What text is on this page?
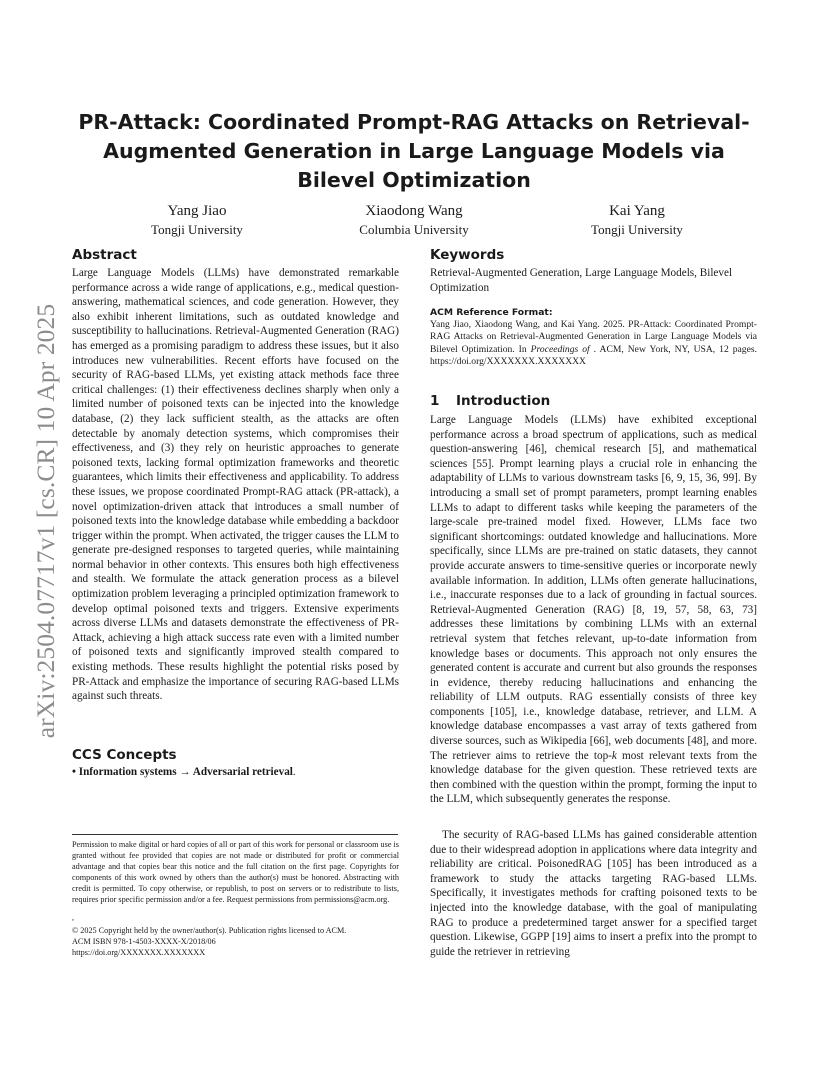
arXiv:2504.07717v1 [cs.CR] 10 Apr 2025
PR-Attack: Coordinated Prompt-RAG Attacks on Retrieval-Augmented Generation in Large Language Models via Bilevel Optimization
Yang Jiao
Tongji University
Xiaodong Wang
Columbia University
Kai Yang
Tongji University
Abstract

Large Language Models (LLMs) have demonstrated remarkable performance across a wide range of applications, e.g., medical question-answering, mathematical sciences, and code generation. However, they also exhibit inherent limitations, such as outdated knowledge and susceptibility to hallucinations. Retrieval-Augmented Generation (RAG) has emerged as a promising paradigm to address these issues, but it also introduces new vulnerabilities. Recent efforts have focused on the security of RAG-based LLMs, yet existing attack methods face three critical challenges: (1) their effectiveness declines sharply when only a limited number of poisoned texts can be injected into the knowledge database, (2) they lack sufficient stealth, as the attacks are often detectable by anomaly detection systems, which compromises their effectiveness, and (3) they rely on heuristic approaches to generate poisoned texts, lacking formal optimization frameworks and theoretic guarantees, which limits their effectiveness and applicability. To address these issues, we propose coordinated Prompt-RAG attack (PR-attack), a novel optimization-driven attack that introduces a small number of poisoned texts into the knowledge database while embedding a backdoor trigger within the prompt. When activated, the trigger causes the LLM to generate pre-designed responses to targeted queries, while maintaining normal behavior in other contexts. This ensures both high effectiveness and stealth. We formulate the attack generation process as a bilevel optimization problem leveraging a principled optimization framework to develop optimal poisoned texts and triggers. Extensive experiments across diverse LLMs and datasets demonstrate the effectiveness of PR-Attack, achieving a high attack success rate even with a limited number of poisoned texts and significantly improved stealth compared to existing methods. These results highlight the potential risks posed by PR-Attack and emphasize the importance of securing RAG-based LLMs against such threats.

CCS Concepts
• Information systems → Adversarial retrieval.
Permission to make digital or hard copies of all or part of this work for personal or classroom use is granted without fee provided that copies are not made or distributed for profit or commercial advantage and that copies bear this notice and the full citation on the first page. Copyrights for components of this work owned by others than the author(s) must be honored. Abstracting with credit is permitted. To copy otherwise, or republish, to post on servers or to redistribute to lists, requires prior specific permission and/or a fee. Request permissions from permissions@acm.org.
,
© 2025 Copyright held by the owner/author(s). Publication rights licensed to ACM.
ACM ISBN 978-1-4503-XXXX-X/2018/06
https://doi.org/XXXXXXX.XXXXXXX
Keywords

Retrieval-Augmented Generation, Large Language Models, Bilevel Optimization

ACM Reference Format:
Yang Jiao, Xiaodong Wang, and Kai Yang. 2025. PR-Attack: Coordinated Prompt-RAG Attacks on Retrieval-Augmented Generation in Large Language Models via Bilevel Optimization. In Proceedings of . ACM, New York, NY, USA, 12 pages. https://doi.org/XXXXXXX.XXXXXXX
1	Introduction

Large Language Models (LLMs) have exhibited exceptional performance across a broad spectrum of applications, such as medical question-answering [46], chemical research [5], and mathematical sciences [55]. Prompt learning plays a crucial role in enhancing the adaptability of LLMs to various downstream tasks [6, 9, 15, 36, 99]. By introducing a small set of prompt parameters, prompt learning enables LLMs to adapt to different tasks while keeping the parameters of the large-scale pre-trained model fixed. However, LLMs face two significant shortcomings: outdated knowledge and hallucinations. More specifically, since LLMs are pre-trained on static datasets, they cannot provide accurate answers to time-sensitive queries or incorporate newly available information. In addition, LLMs often generate hallucinations, i.e., inaccurate responses due to a lack of grounding in factual sources. Retrieval-Augmented Generation (RAG) [8, 19, 57, 58, 63, 73] addresses these limitations by combining LLMs with an external retrieval system that fetches relevant, up-to-date information from knowledge bases or documents. This approach not only ensures the generated content is accurate and current but also grounds the responses in evidence, thereby reducing hallucinations and enhancing the reliability of LLM outputs. RAG essentially consists of three key components [105], i.e., knowledge database, retriever, and LLM. A knowledge database encompasses a vast array of texts gathered from diverse sources, such as Wikipedia [66], web documents [48], and more. The retriever aims to retrieve the top-k most relevant texts from the knowledge database for the given question. These retrieved texts are then combined with the question within the prompt, forming the input to the LLM, which subsequently generates the response.

The security of RAG-based LLMs has gained considerable attention due to their widespread adoption in applications where data integrity and reliability are critical. PoisonedRAG [105] has been introduced as a framework to study the attacks targeting RAG-based LLMs. Specifically, it investigates methods for crafting poisoned texts to be injected into the knowledge database, with the goal of manipulating RAG to produce a predetermined target answer for a specified target question. Likewise, GGPP [19] aims to insert a prefix into the prompt to guide the retriever in retrieving
